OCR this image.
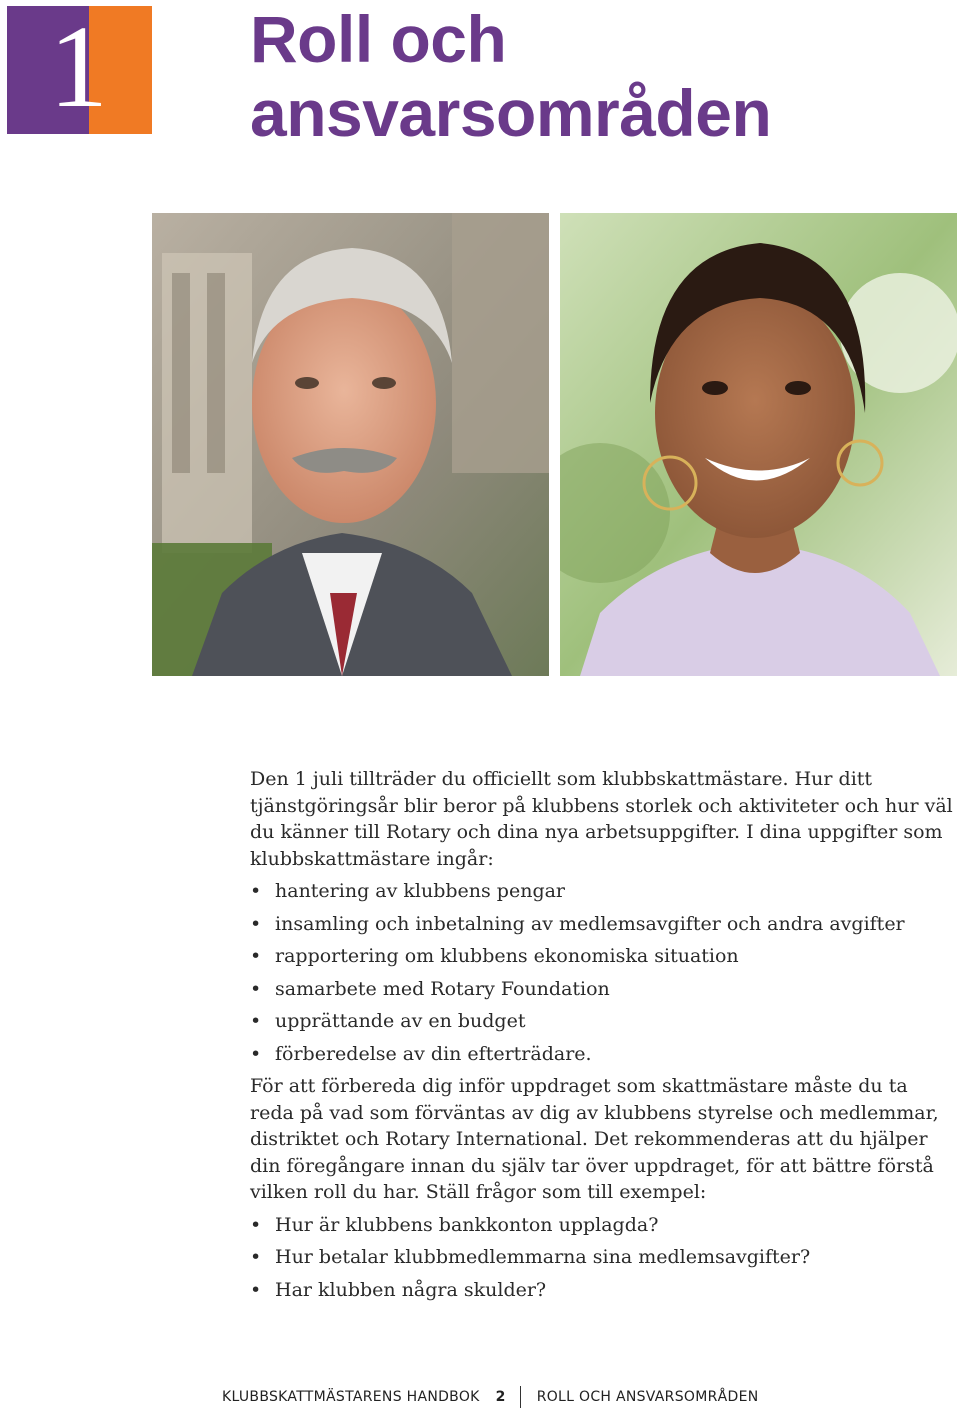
1 Roll och
ansvarsområden

Den 1 juli tillträder du officiellt som klubbskattmästare. Hur ditt tjänstgöringsår blir beror på klubbens storlek och aktiviteter och hur väl du känner till Rotary och dina nya arbetsuppgifter. I dina uppgifter som klubbskattmästare ingår:

• hantering av klubbens pengar
• insamling och inbetalning av medlemsavgifter och andra avgifter
• rapportering om klubbens ekonomiska situation
• samarbete med Rotary Foundation
• upprättande av en budget
• förberedelse av din efterträdare.

För att förbereda dig inför uppdraget som skattmästare måste du ta reda på vad som förväntas av dig av klubbens styrelse och medlemmar, distriktet och Rotary International. Det rekommenderas att du hjälper din föregångare innan du själv tar över uppdraget, för att bättre förstå vilken roll du har. Ställ frågor som till exempel:

• Hur är klubbens bankkonton upplagda?
• Hur betalar klubbmedlemmarna sina medlemsavgifter?
• Har klubben några skulder?
KLUBBSKATTMÄSTARENS HANDBOK 2 ROLL OCH ANSVARSOMRÅDEN
